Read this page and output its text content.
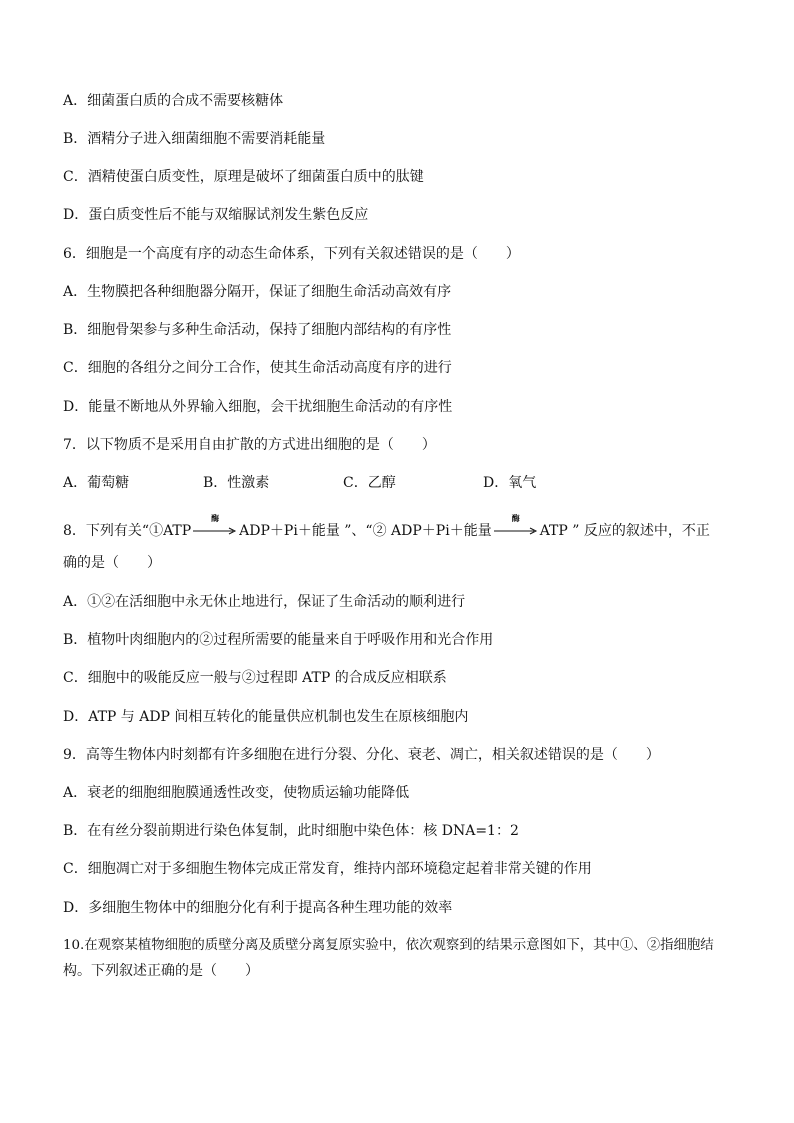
A．细菌蛋白质的合成不需要核糖体
B．酒精分子进入细菌细胞不需要消耗能量
C．酒精使蛋白质变性，原理是破坏了细菌蛋白质中的肽键
D．蛋白质变性后不能与双缩脲试剂发生紫色反应
6．细胞是一个高度有序的动态生命体系，下列有关叙述错误的是（　　）
A．生物膜把各种细胞器分隔开，保证了细胞生命活动高效有序
B．细胞骨架参与多种生命活动，保持了细胞内部结构的有序性
C．细胞的各组分之间分工合作，使其生命活动高度有序的进行
D．能量不断地从外界输入细胞，会干扰细胞生命活动的有序性
7．以下物质不是采用自由扩散的方式进出细胞的是（　　）
A．葡萄糖	B．性激素	C．乙醇	D．氧气
8．下列有关“①ATP
酶
ADP＋Pi＋能量 ”、“② ADP＋Pi＋能量
酶
ATP ” 反应的叙述中，不正
确的是（　　）
A．①②在活细胞中永无休止地进行，保证了生命活动的顺利进行
B．植物叶肉细胞内的②过程所需要的能量来自于呼吸作用和光合作用
C．细胞中的吸能反应一般与②过程即 ATP 的合成反应相联系
D．ATP 与 ADP 间相互转化的能量供应机制也发生在原核细胞内
9．高等生物体内时刻都有许多细胞在进行分裂、分化、衰老、凋亡，相关叙述错误的是（　　）
A．衰老的细胞细胞膜通透性改变，使物质运输功能降低
B．在有丝分裂前期进行染色体复制，此时细胞中染色体：核 DNA=1：2
C．细胞凋亡对于多细胞生物体完成正常发育，维持内部环境稳定起着非常关键的作用
D．多细胞生物体中的细胞分化有利于提高各种生理功能的效率
10.在观察某植物细胞的质壁分离及质壁分离复原实验中，依次观察到的结果示意图如下，其中①、②指细胞结
构。下列叙述正确的是（　　）
